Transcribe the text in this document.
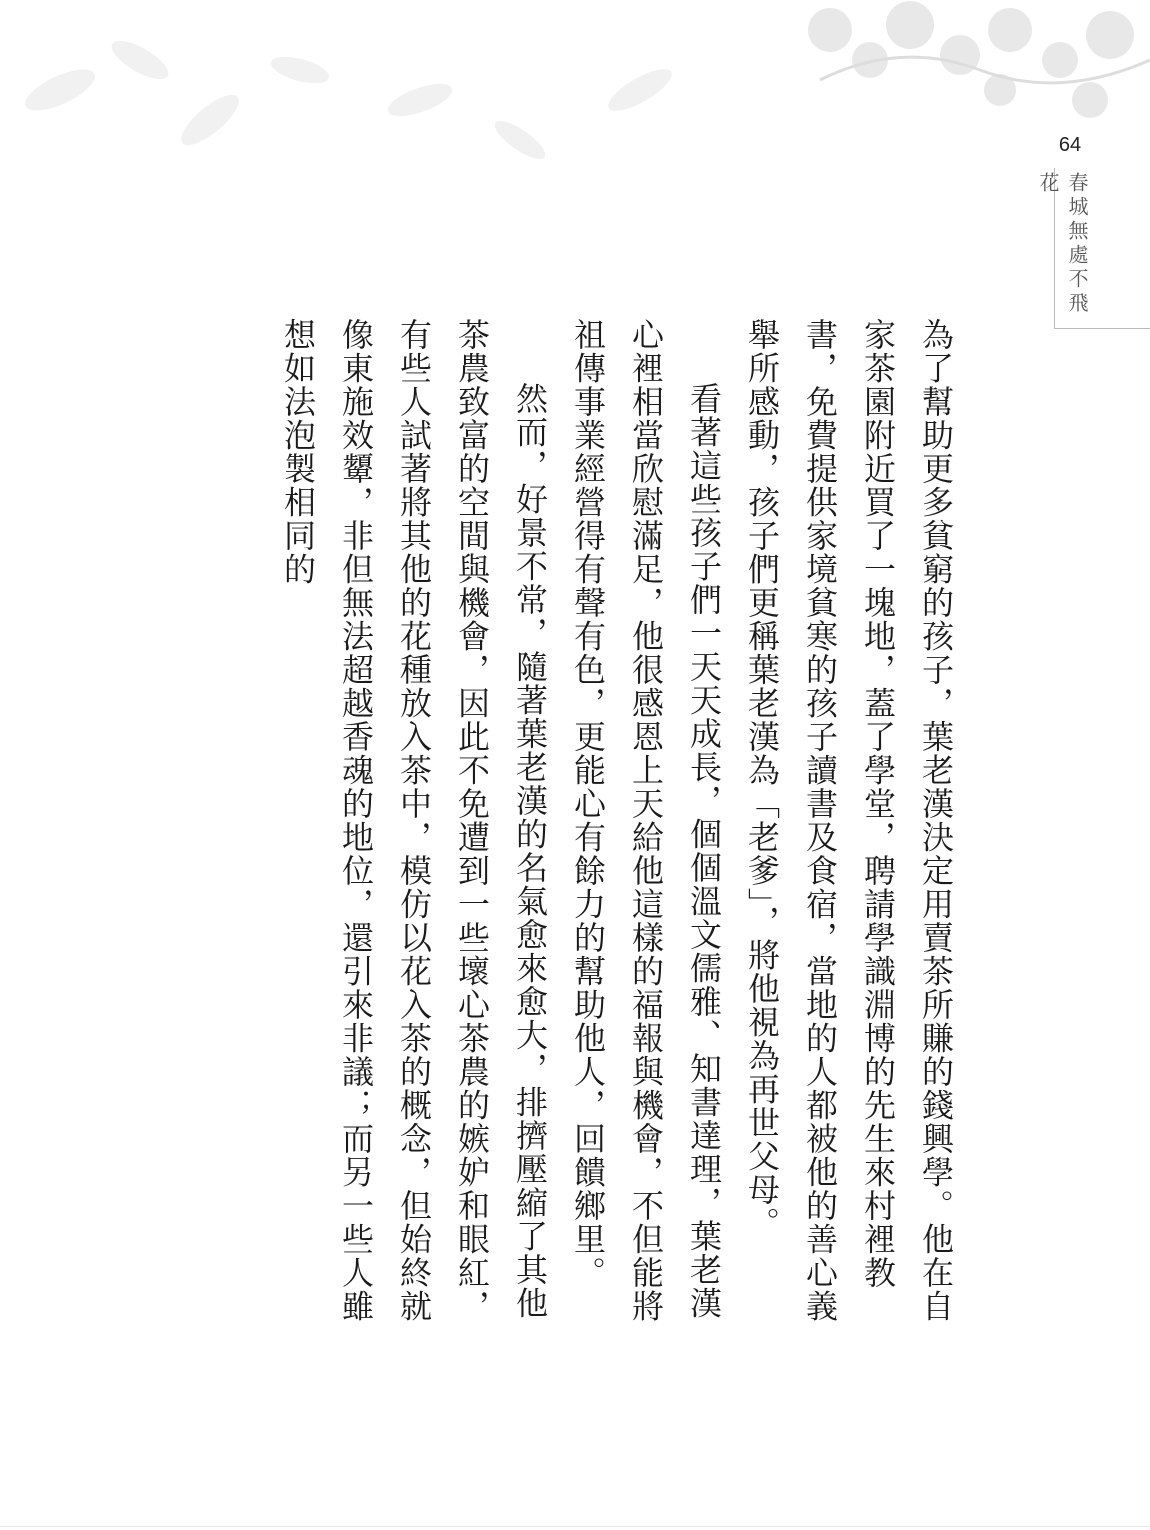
64
春城無處不飛花

為了幫助更多貧窮的孩子，葉老漢決定用賣茶所賺的錢興學。他在自家茶園附近買了一塊地，蓋了學堂，聘請學識淵博的先生來村裡教書，免費提供家境貧寒的孩子讀書及食宿，當地的人都被他的善心義舉所感動，孩子們更稱葉老漢為「老爹」，將他視為再世父母。

看著這些孩子們一天天成長，個個溫文儒雅、知書達理，葉老漢心裡相當欣慰滿足，他很感恩上天給他這樣的福報與機會，不但能將祖傳事業經營得有聲有色，更能心有餘力的幫助他人，回饋鄉里。

然而，好景不常，隨著葉老漢的名氣愈來愈大，排擠壓縮了其他茶農致富的空間與機會，因此不免遭到一些壞心茶農的嫉妒和眼紅，有些人試著將其他的花種放入茶中，模仿以花入茶的概念，但始終就像東施效顰，非但無法超越香魂的地位，還引來非議；而另一些人雖想如法泡製相同的
